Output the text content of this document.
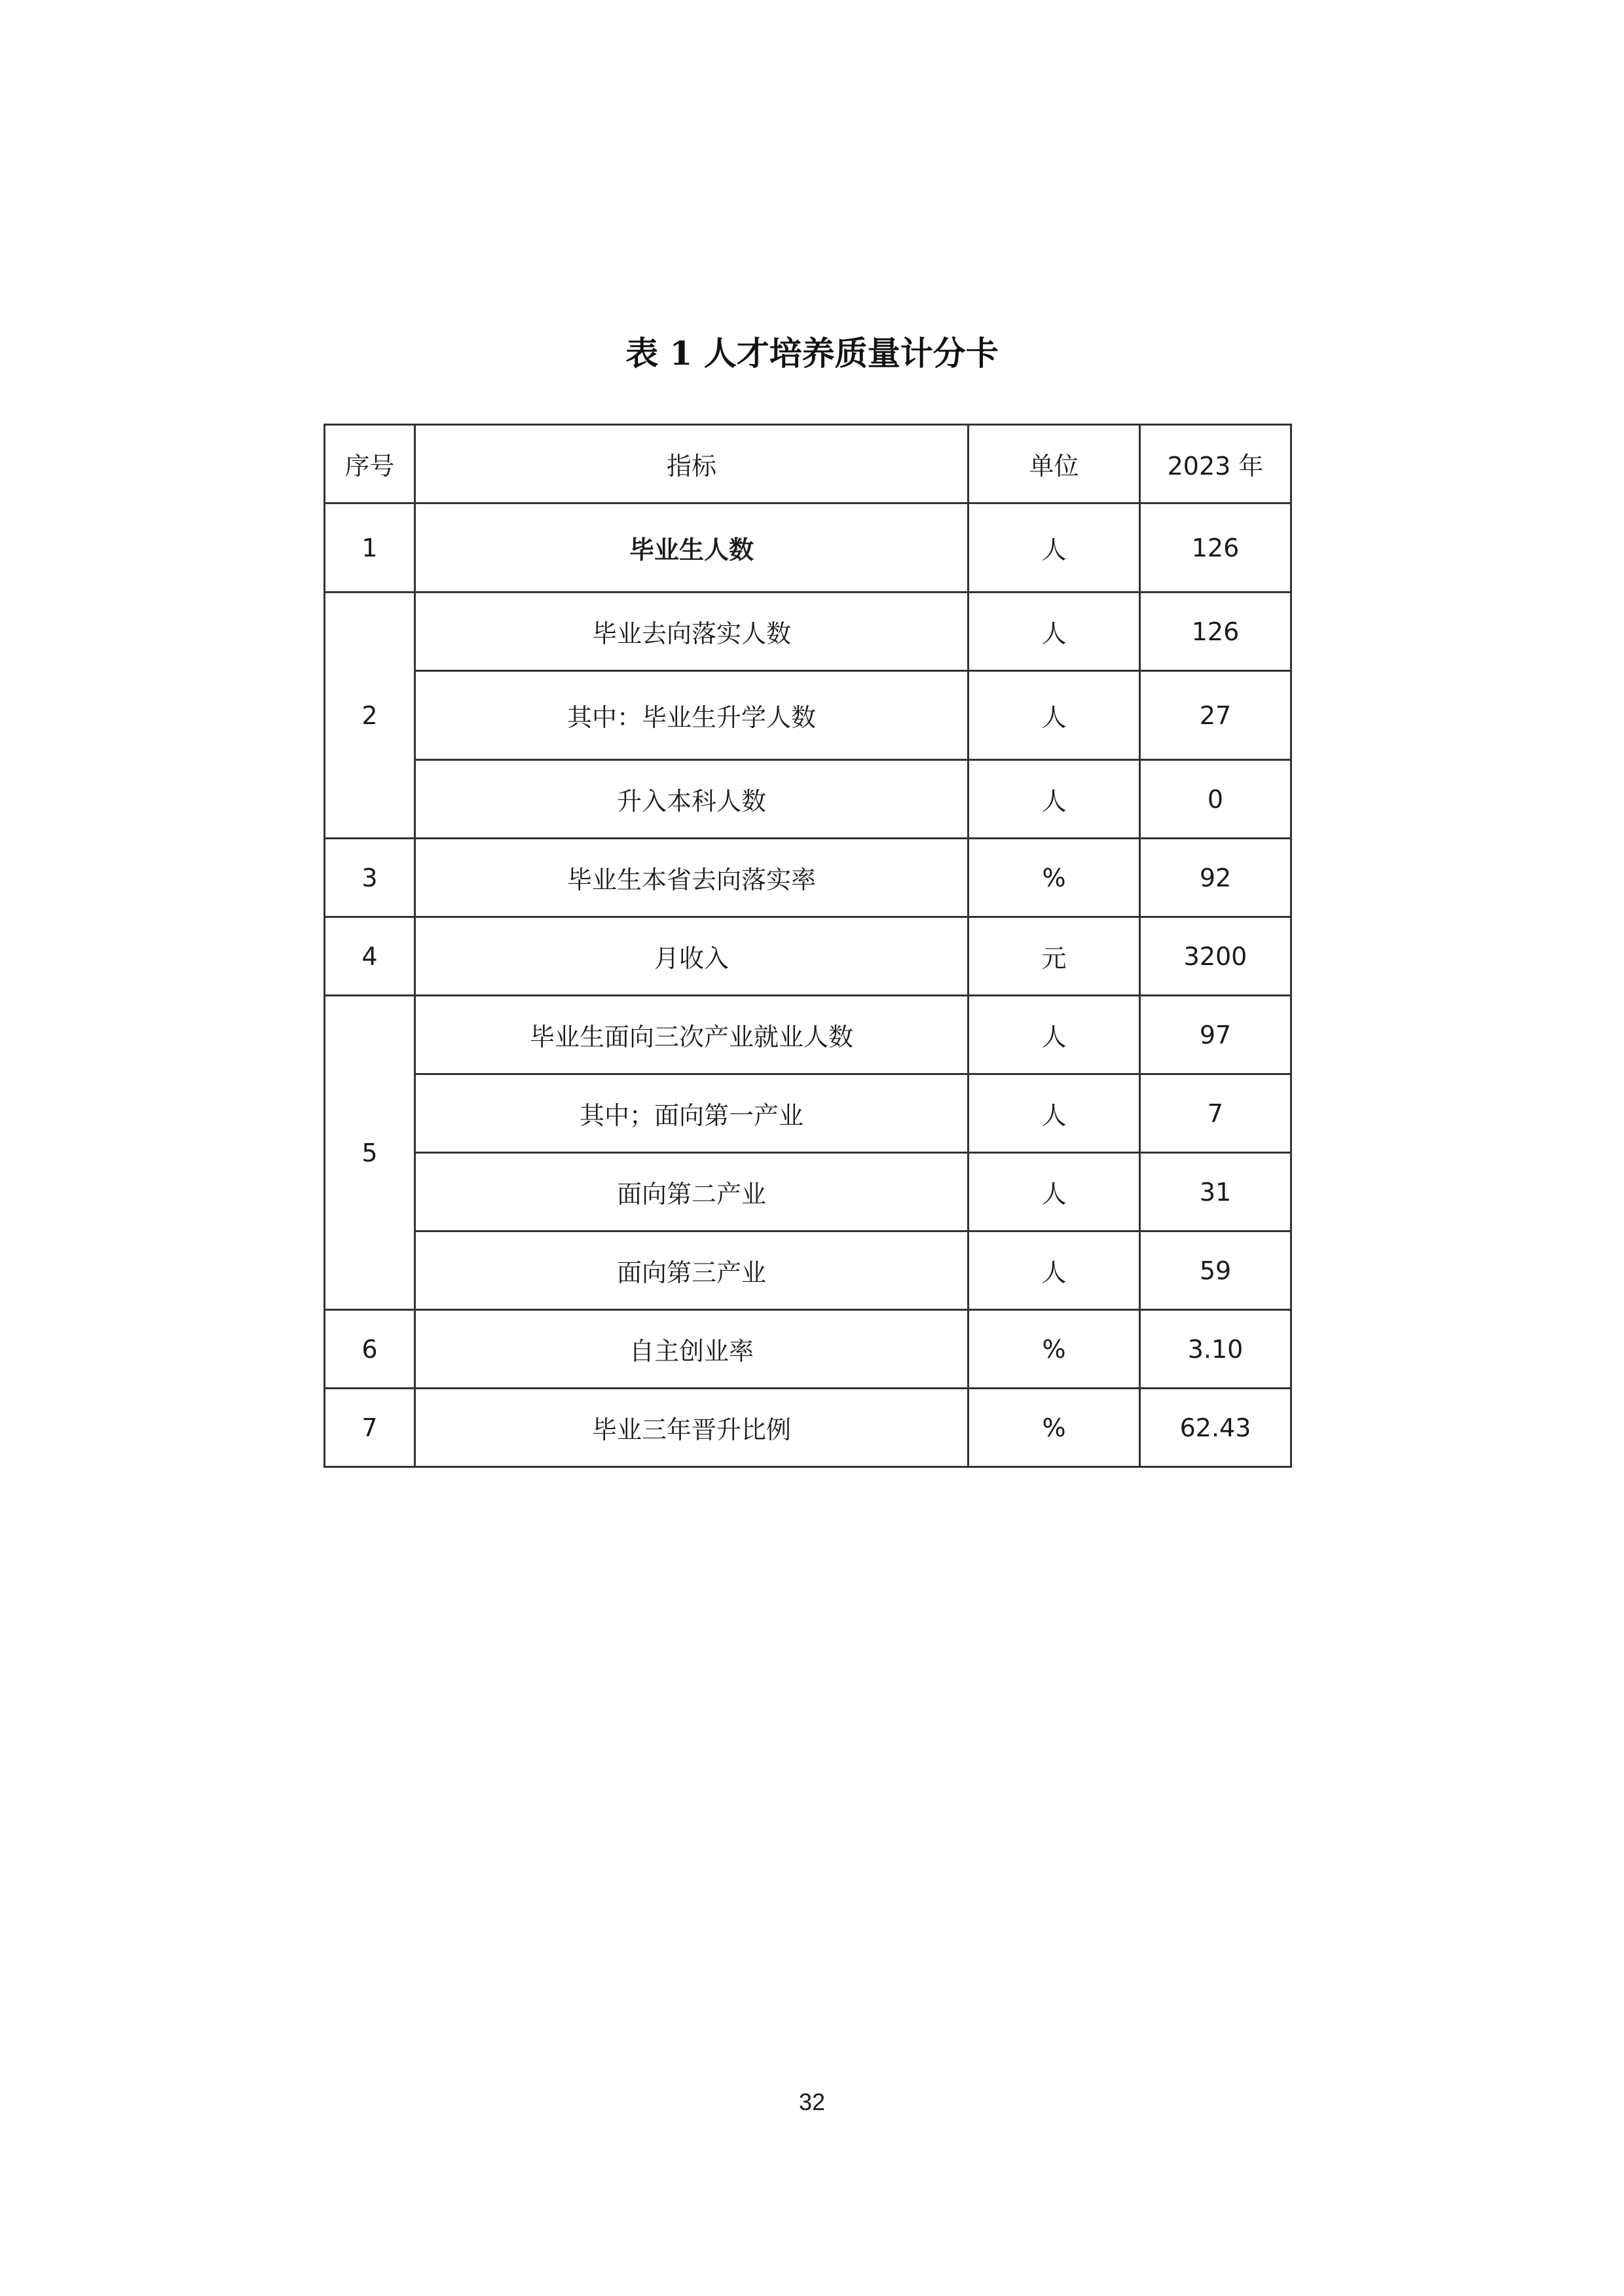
表 1 人才培养质量计分卡
序号	指标	单位	2023 年
1	毕业生人数	人	126
2	毕业去向落实人数	人	126
	其中：毕业生升学人数	人	27
	升入本科人数	人	0
3	毕业生本省去向落实率	%	92
4	月收入	元	3200
5	毕业生面向三次产业就业人数	人	97
	其中；面向第一产业	人	7
	面向第二产业	人	31
	面向第三产业	人	59
6	自主创业率	%	3.10
7	毕业三年晋升比例	%	62.43
32
